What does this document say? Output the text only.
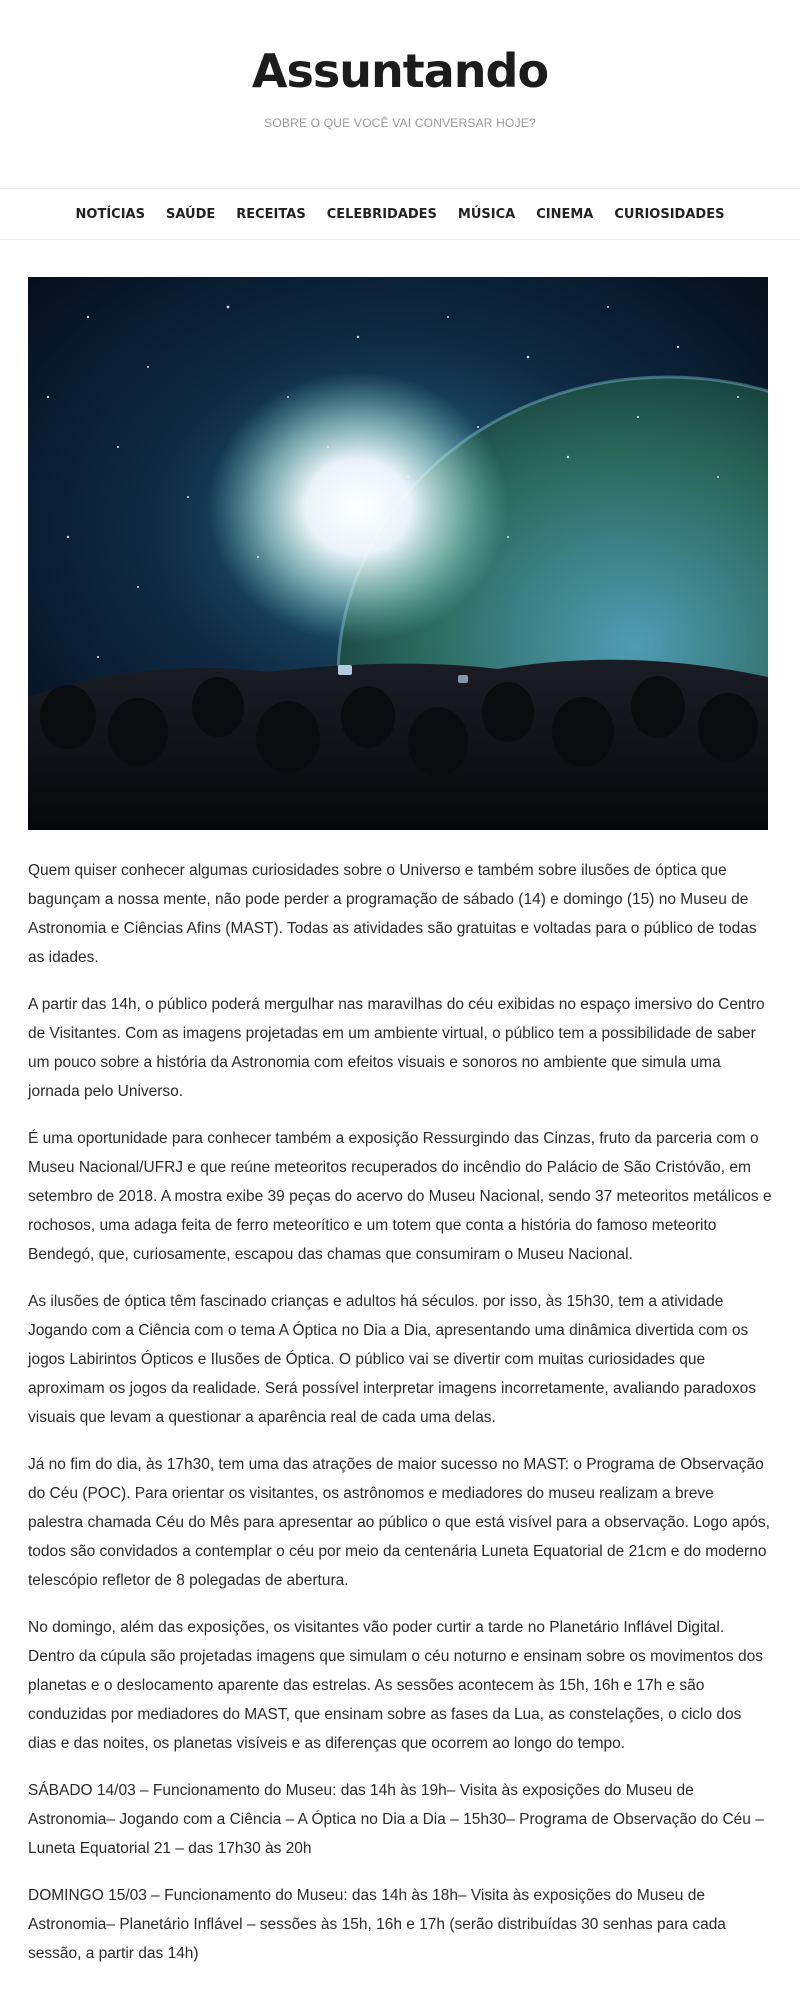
Assuntando
SOBRE O QUE VOCÊ VAI CONVERSAR HOJE?
NOTÍCIAS SAÚDE RECEITAS CELEBRIDADES MÚSICA CINEMA CURIOSIDADES

Quem quiser conhecer algumas curiosidades sobre o Universo e também sobre ilusões de óptica que bagunçam a nossa mente, não pode perder a programação de sábado (14) e domingo (15) no Museu de Astronomia e Ciências Afins (MAST). Todas as atividades são gratuitas e voltadas para o público de todas as idades.

A partir das 14h, o público poderá mergulhar nas maravilhas do céu exibidas no espaço imersivo do Centro de Visitantes. Com as imagens projetadas em um ambiente virtual, o público tem a possibilidade de saber um pouco sobre a história da Astronomia com efeitos visuais e sonoros no ambiente que simula uma jornada pelo Universo.

É uma oportunidade para conhecer também a exposição Ressurgindo das Cinzas, fruto da parceria com o Museu Nacional/UFRJ e que reúne meteoritos recuperados do incêndio do Palácio de São Cristóvão, em setembro de 2018. A mostra exibe 39 peças do acervo do Museu Nacional, sendo 37 meteoritos metálicos e rochosos, uma adaga feita de ferro meteorítico e um totem que conta a história do famoso meteorito Bendegó, que, curiosamente, escapou das chamas que consumiram o Museu Nacional.

As ilusões de óptica têm fascinado crianças e adultos há séculos. por isso, às 15h30, tem a atividade Jogando com a Ciência com o tema A Óptica no Dia a Dia, apresentando uma dinâmica divertida com os jogos Labirintos Ópticos e Ilusões de Óptica. O público vai se divertir com muitas curiosidades que aproximam os jogos da realidade. Será possível interpretar imagens incorretamente, avaliando paradoxos visuais que levam a questionar a aparência real de cada uma delas.

Já no fim do dia, às 17h30, tem uma das atrações de maior sucesso no MAST: o Programa de Observação do Céu (POC). Para orientar os visitantes, os astrônomos e mediadores do museu realizam a breve palestra chamada Céu do Mês para apresentar ao público o que está visível para a observação. Logo após, todos são convidados a contemplar o céu por meio da centenária Luneta Equatorial de 21cm e do moderno telescópio refletor de 8 polegadas de abertura.

No domingo, além das exposições, os visitantes vão poder curtir a tarde no Planetário Inflável Digital. Dentro da cúpula são projetadas imagens que simulam o céu noturno e ensinam sobre os movimentos dos planetas e o deslocamento aparente das estrelas. As sessões acontecem às 15h, 16h e 17h e são conduzidas por mediadores do MAST, que ensinam sobre as fases da Lua, as constelações, o ciclo dos dias e das noites, os planetas visíveis e as diferenças que ocorrem ao longo do tempo.

SÁBADO 14/03 – Funcionamento do Museu: das 14h às 19h– Visita às exposições do Museu de Astronomia– Jogando com a Ciência – A Óptica no Dia a Dia – 15h30– Programa de Observação do Céu – Luneta Equatorial 21 – das 17h30 às 20h

DOMINGO 15/03 – Funcionamento do Museu: das 14h às 18h– Visita às exposições do Museu de Astronomia– Planetário Inflável – sessões às 15h, 16h e 17h (serão distribuídas 30 senhas para cada sessão, a partir das 14h)
